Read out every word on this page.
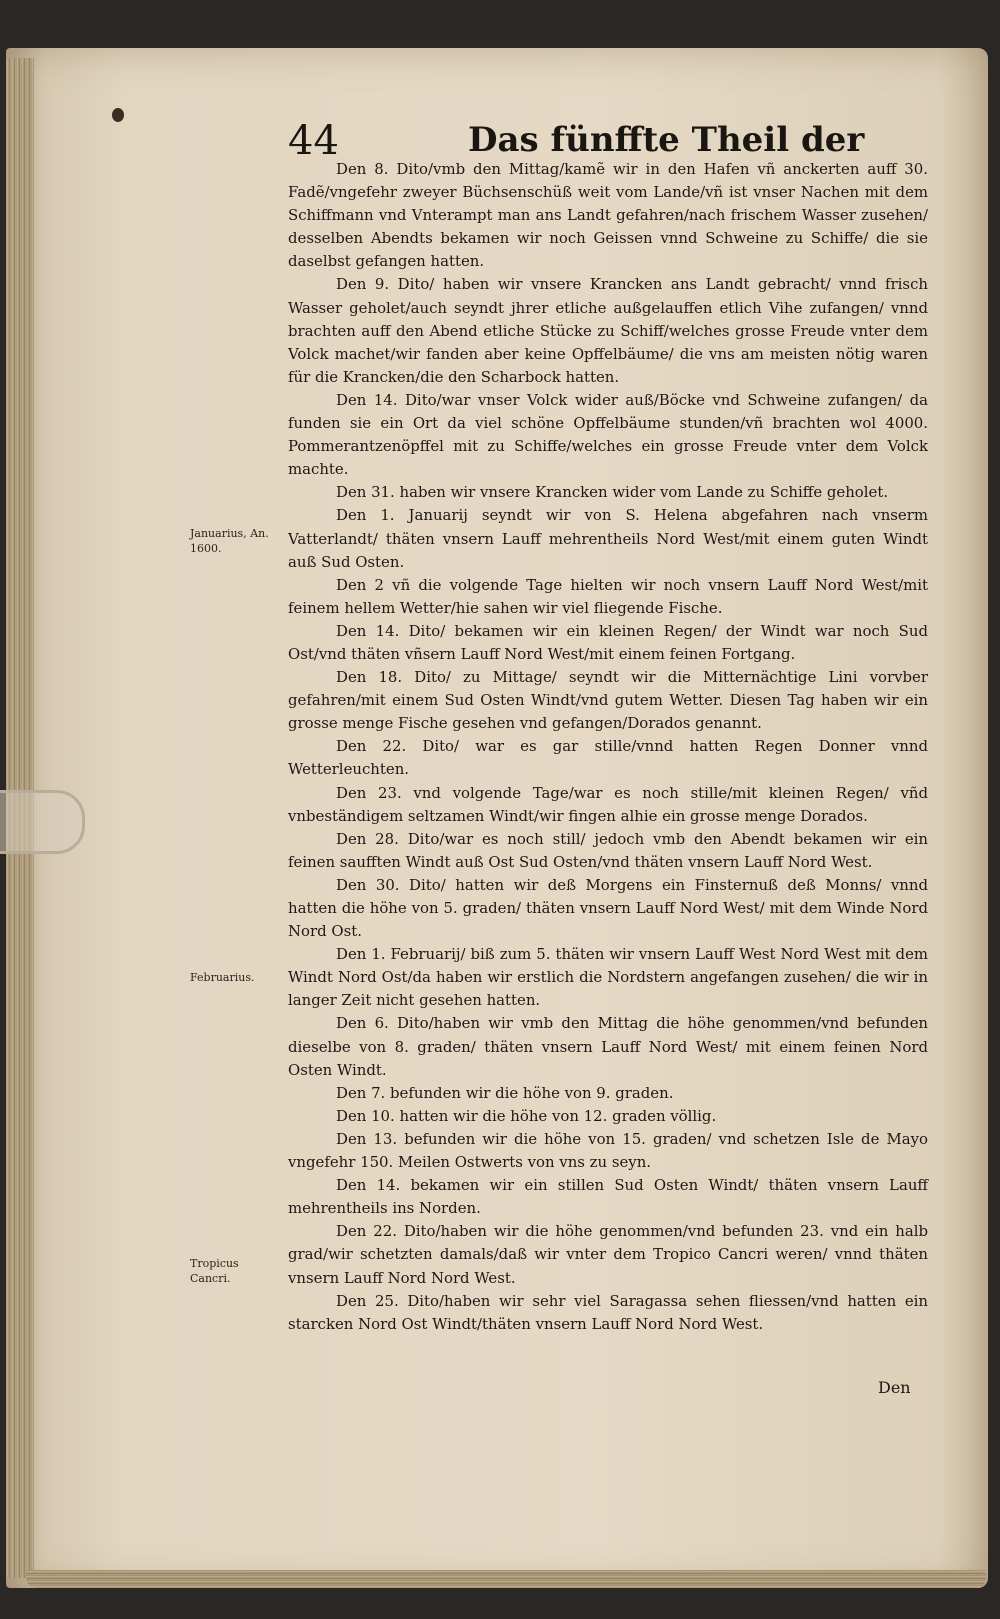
44	Das fünffte Theil der
Januarius, An. 1600.
Februarius.
Tropicus Cancri.

Den 8. Dito/vmb den Mittag/kamẽ wir in den Hafen vñ anckerten auff 30. Fadẽ/vngefehr zweyer Büchsenschüß weit vom Lande/vñ ist vnser Nachen mit dem Schiffmann vnd Vnterampt man ans Landt gefahren/nach frischem Wasser zusehen/ desselben Abendts bekamen wir noch Geissen vnnd Schweine zu Schiffe/ die sie daselbst gefangen hatten.

Den 9. Dito/ haben wir vnsere Krancken ans Landt gebracht/ vnnd frisch Wasser geholet/auch seyndt jhrer etliche außgelauffen etlich Vihe zufangen/ vnnd brachten auff den Abend etliche Stücke zu Schiff/welches grosse Freude vnter dem Volck machet/wir fanden aber keine Opffelbäume/ die vns am meisten nötig waren für die Krancken/die den Scharbock hatten.

Den 14. Dito/war vnser Volck wider auß/Böcke vnd Schweine zufangen/ da funden sie ein Ort da viel schöne Opffelbäume stunden/vñ brachten wol 4000. Pommerantzenöpffel mit zu Schiffe/welches ein grosse Freude vnter dem Volck machte.

Den 31. haben wir vnsere Krancken wider vom Lande zu Schiffe geholet.

Den 1. Januarij seyndt wir von S. Helena abgefahren nach vnserm Vatterlandt/ thäten vnsern Lauff mehrentheils Nord West/mit einem guten Windt auß Sud Osten.

Den 2 vñ die volgende Tage hielten wir noch vnsern Lauff Nord West/mit feinem hellem Wetter/hie sahen wir viel fliegende Fische.

Den 14. Dito/ bekamen wir ein kleinen Regen/ der Windt war noch Sud Ost/vnd thäten vñsern Lauff Nord West/mit einem feinen Fortgang.

Den 18. Dito/ zu Mittage/ seyndt wir die Mitternächtige Lini vorvber gefahren/mit einem Sud Osten Windt/vnd gutem Wetter. Diesen Tag haben wir ein grosse menge Fische gesehen vnd gefangen/Dorados genannt.

Den 22. Dito/ war es gar stille/vnnd hatten Regen Donner vnnd Wetterleuchten.

Den 23. vnd volgende Tage/war es noch stille/mit kleinen Regen/ vñd vnbeständigem seltzamen Windt/wir fingen alhie ein grosse menge Dorados.

Den 28. Dito/war es noch still/ jedoch vmb den Abendt bekamen wir ein feinen saufften Windt auß Ost Sud Osten/vnd thäten vnsern Lauff Nord West.

Den 30. Dito/ hatten wir deß Morgens ein Finsternuß deß Monns/ vnnd hatten die höhe von 5. graden/ thäten vnsern Lauff Nord West/ mit dem Winde Nord Nord Ost.

Den 1. Februarij/ biß zum 5. thäten wir vnsern Lauff West Nord West mit dem Windt Nord Ost/da haben wir erstlich die Nordstern angefangen zusehen/ die wir in langer Zeit nicht gesehen hatten.

Den 6. Dito/haben wir vmb den Mittag die höhe genommen/vnd befunden dieselbe von 8. graden/ thäten vnsern Lauff Nord West/ mit einem feinen Nord Osten Windt.

Den 7. befunden wir die höhe von 9. graden.

Den 10. hatten wir die höhe von 12. graden völlig.

Den 13. befunden wir die höhe von 15. graden/ vnd schetzen Isle de Mayo vngefehr 150. Meilen Ostwerts von vns zu seyn.

Den 14. bekamen wir ein stillen Sud Osten Windt/ thäten vnsern Lauff mehrentheils ins Norden.

Den 22. Dito/haben wir die höhe genommen/vnd befunden 23. vnd ein halb grad/wir schetzten damals/daß wir vnter dem Tropico Cancri weren/ vnnd thäten vnsern Lauff Nord Nord West.

Den 25. Dito/haben wir sehr viel Saragassa sehen fliessen/vnd hatten ein starcken Nord Ost Windt/thäten vnsern Lauff Nord Nord West.

Den
